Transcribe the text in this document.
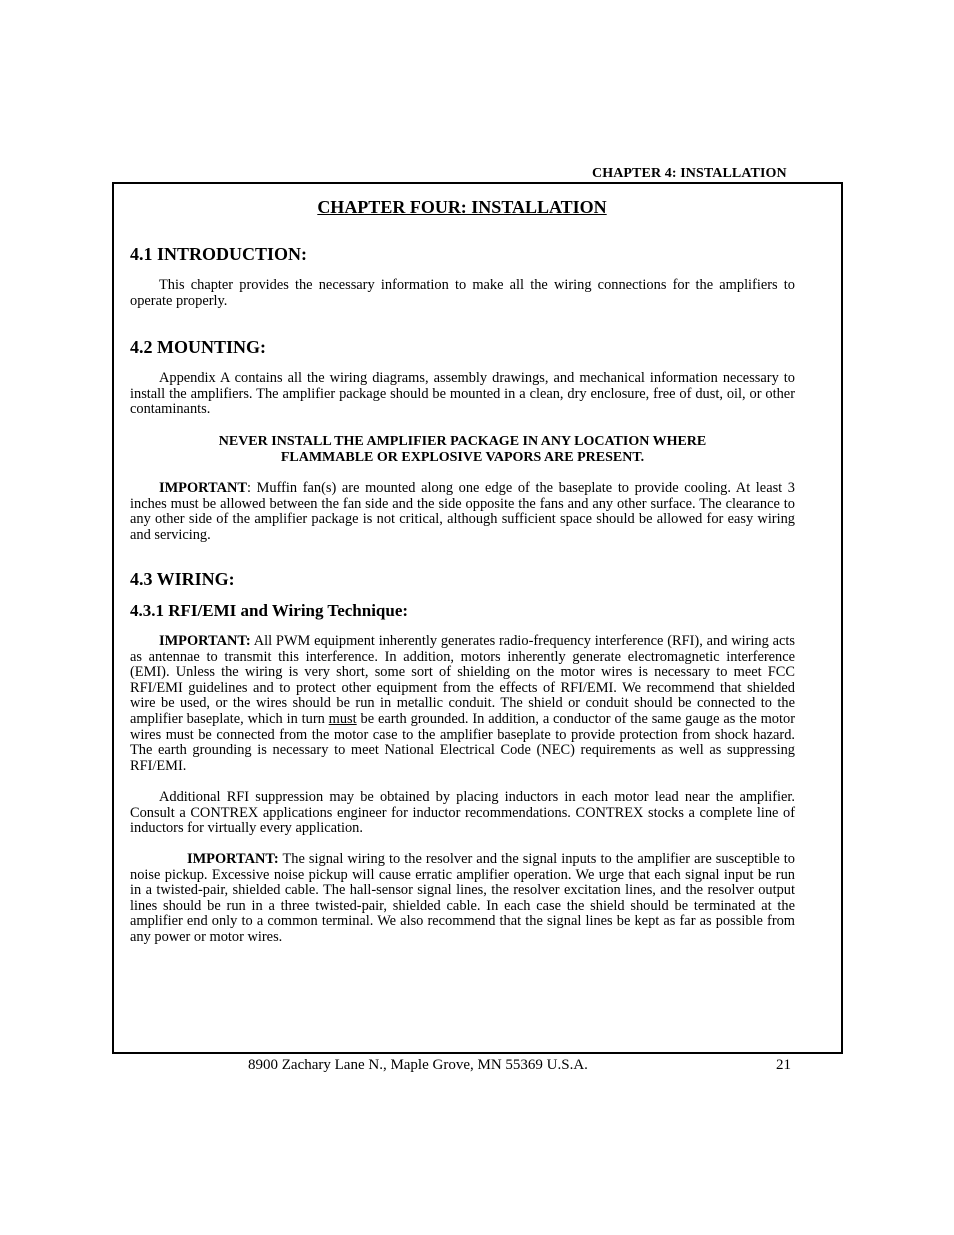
CHAPTER 4: INSTALLATION
CHAPTER FOUR: INSTALLATION
4.1 INTRODUCTION:

This chapter provides the necessary information to make all the wiring connections for the amplifiers to operate properly.

4.2 MOUNTING:

Appendix A contains all the wiring diagrams, assembly drawings, and mechanical information necessary to install the amplifiers. The amplifier package should be mounted in a clean, dry enclosure, free of dust, oil, or other contaminants.

NEVER INSTALL THE AMPLIFIER PACKAGE IN ANY LOCATION WHERE
FLAMMABLE OR EXPLOSIVE VAPORS ARE PRESENT.

IMPORTANT: Muffin fan(s) are mounted along one edge of the baseplate to provide cooling. At least 3 inches must be allowed between the fan side and the side opposite the fans and any other surface. The clearance to any other side of the amplifier package is not critical, although sufficient space should be allowed for easy wiring and servicing.

4.3 WIRING:
4.3.1 RFI/EMI and Wiring Technique:

IMPORTANT: All PWM equipment inherently generates radio-frequency interference (RFI), and wiring acts as antennae to transmit this interference. In addition, motors inherently generate electromagnetic interference (EMI). Unless the wiring is very short, some sort of shielding on the motor wires is necessary to meet FCC RFI/EMI guidelines and to protect other equipment from the effects of RFI/EMI. We recommend that shielded wire be used, or the wires should be run in metallic conduit. The shield or conduit should be connected to the amplifier baseplate, which in turn must be earth grounded. In addition, a conductor of the same gauge as the motor wires must be connected from the motor case to the amplifier baseplate to provide protection from shock hazard. The earth grounding is necessary to meet National Electrical Code (NEC) requirements as well as suppressing RFI/EMI.

Additional RFI suppression may be obtained by placing inductors in each motor lead near the amplifier. Consult a CONTREX applications engineer for inductor recommendations. CONTREX stocks a complete line of inductors for virtually every application.

IMPORTANT: The signal wiring to the resolver and the signal inputs to the amplifier are susceptible to noise pickup. Excessive noise pickup will cause erratic amplifier operation. We urge that each signal input be run in a twisted-pair, shielded cable. The hall-sensor signal lines, the resolver excitation lines, and the resolver output lines should be run in a three twisted-pair, shielded cable. In each case the shield should be terminated at the amplifier end only to a common terminal. We also recommend that the signal lines be kept as far as possible from any power or motor wires.

8900 Zachary Lane N., Maple Grove, MN 55369 U.S.A.	21
